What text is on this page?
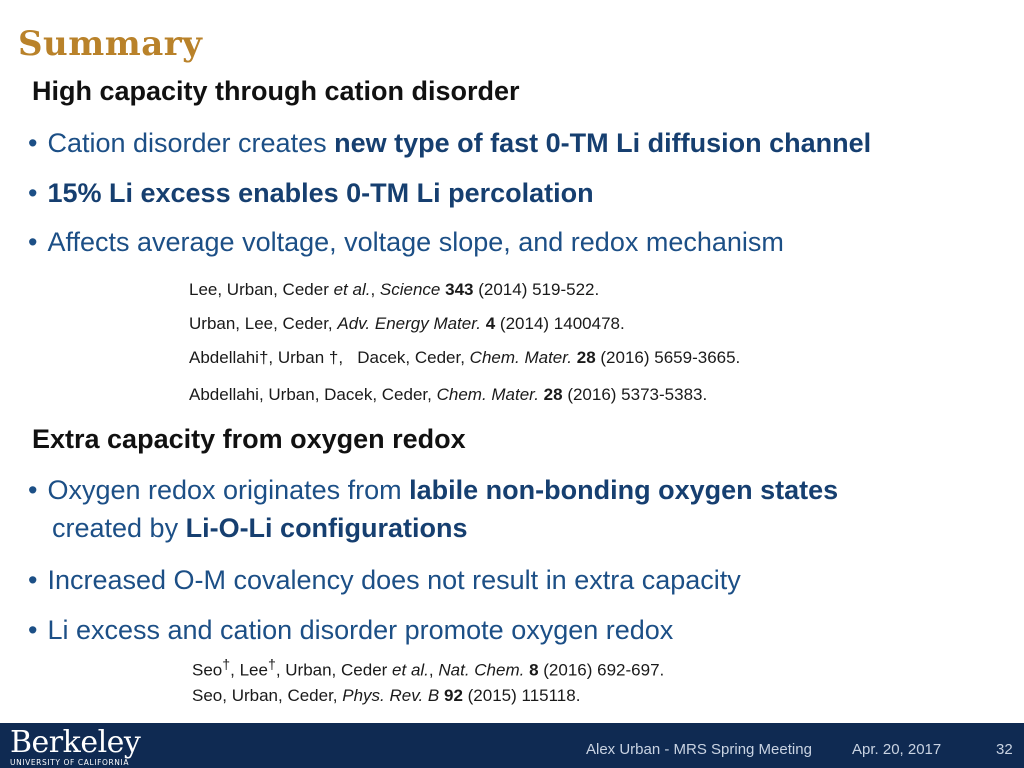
Summary
High capacity through cation disorder
• Cation disorder creates new type of fast 0-TM Li diffusion channel
• 15% Li excess enables 0-TM Li percolation
• Affects average voltage, voltage slope, and redox mechanism
Lee, Urban, Ceder et al., Science 343 (2014) 519-522.
Urban, Lee, Ceder, Adv. Energy Mater. 4 (2014) 1400478.
Abdellahi†, Urban †,   Dacek, Ceder, Chem. Mater. 28 (2016) 5659-3665.
Abdellahi, Urban, Dacek, Ceder, Chem. Mater. 28 (2016) 5373-5383.
Extra capacity from oxygen redox
• Oxygen redox originates from labile non-bonding oxygen states
created by Li-O-Li configurations
• Increased O-M covalency does not result in extra capacity
• Li excess and cation disorder promote oxygen redox
Seo†, Lee†, Urban, Ceder et al., Nat. Chem. 8 (2016) 692-697.
Seo, Urban, Ceder, Phys. Rev. B 92 (2015) 115118.
Berkeley
UNIVERSITY OF CALIFORNIA
Alex Urban - MRS Spring Meeting	Apr. 20, 2017	32
